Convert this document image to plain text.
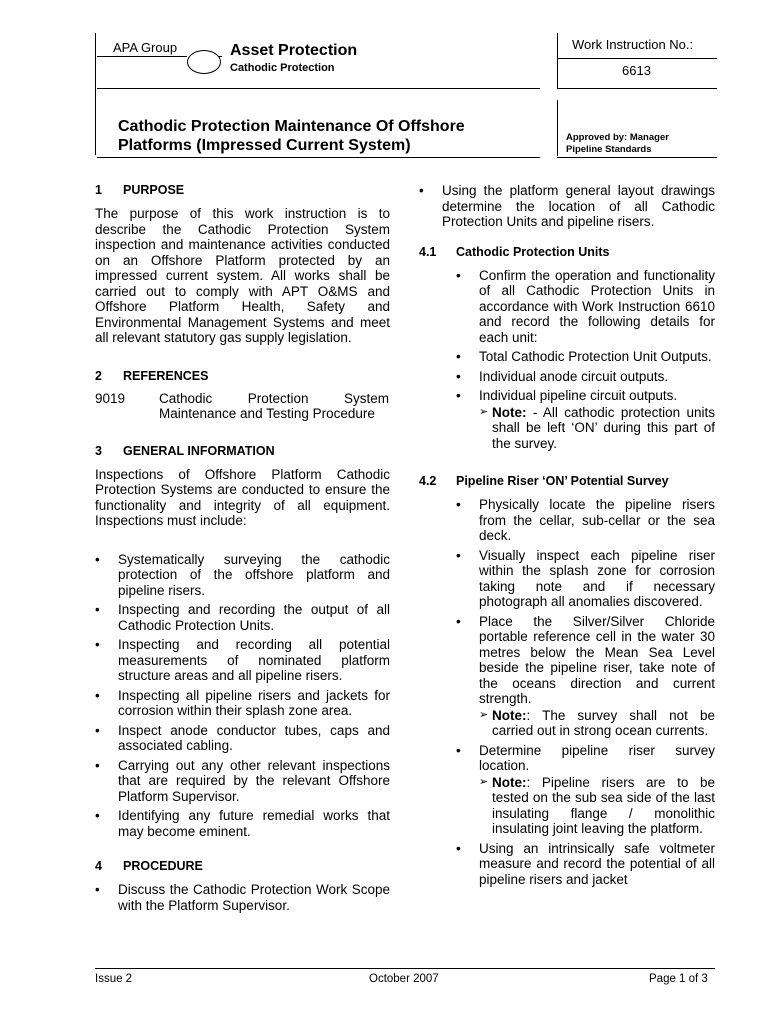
APA Group	Asset Protection
Cathodic Protection
Work Instruction No.:
6613
Cathodic Protection Maintenance Of Offshore
Platforms (Impressed Current System)	Approved by: Manager
Pipeline Standards
1 PURPOSE
The purpose of this work instruction is to describe the Cathodic Protection System inspection and maintenance activities conducted on an Offshore Platform protected by an impressed current system. All works shall be carried out to comply with APT O&MS and Offshore Platform Health, Safety and Environmental Management Systems and meet all relevant statutory gas supply legislation.
2 REFERENCES
9019	Cathodic Protection System Maintenance and Testing Procedure
3 GENERAL INFORMATION
Inspections of Offshore Platform Cathodic Protection Systems are conducted to ensure the functionality and integrity of all equipment. Inspections must include:
• Systematically surveying the cathodic protection of the offshore platform and pipeline risers.
• Inspecting and recording the output of all Cathodic Protection Units.
• Inspecting and recording all potential measurements of nominated platform structure areas and all pipeline risers.
• Inspecting all pipeline risers and jackets for corrosion within their splash zone area.
• Inspect anode conductor tubes, caps and associated cabling.
• Carrying out any other relevant inspections that are required by the relevant Offshore Platform Supervisor.
• Identifying any future remedial works that may become eminent.
4 PROCEDURE
• Discuss the Cathodic Protection Work Scope with the Platform Supervisor.
• Using the platform general layout drawings determine the location of all Cathodic Protection Units and pipeline risers.
4.1 Cathodic Protection Units
• Confirm the operation and functionality of all Cathodic Protection Units in accordance with Work Instruction 6610 and record the following details for each unit:
• Total Cathodic Protection Unit Outputs.
• Individual anode circuit outputs.
• Individual pipeline circuit outputs.
➢ Note: - All cathodic protection units shall be left ‘ON’ during this part of the survey.
4.2 Pipeline Riser ‘ON’ Potential Survey
• Physically locate the pipeline risers from the cellar, sub-cellar or the sea deck.
• Visually inspect each pipeline riser within the splash zone for corrosion taking note and if necessary photograph all anomalies discovered.
• Place the Silver/Silver Chloride portable reference cell in the water 30 metres below the Mean Sea Level beside the pipeline riser, take note of the oceans direction and current strength.
➢ Note:: The survey shall not be carried out in strong ocean currents.
• Determine pipeline riser survey location.
➢ Note:: Pipeline risers are to be tested on the sub sea side of the last insulating flange / monolithic insulating joint leaving the platform.
• Using an intrinsically safe voltmeter measure and record the potential of all pipeline risers and jacket
Issue 2	October 2007	Page 1 of 3
